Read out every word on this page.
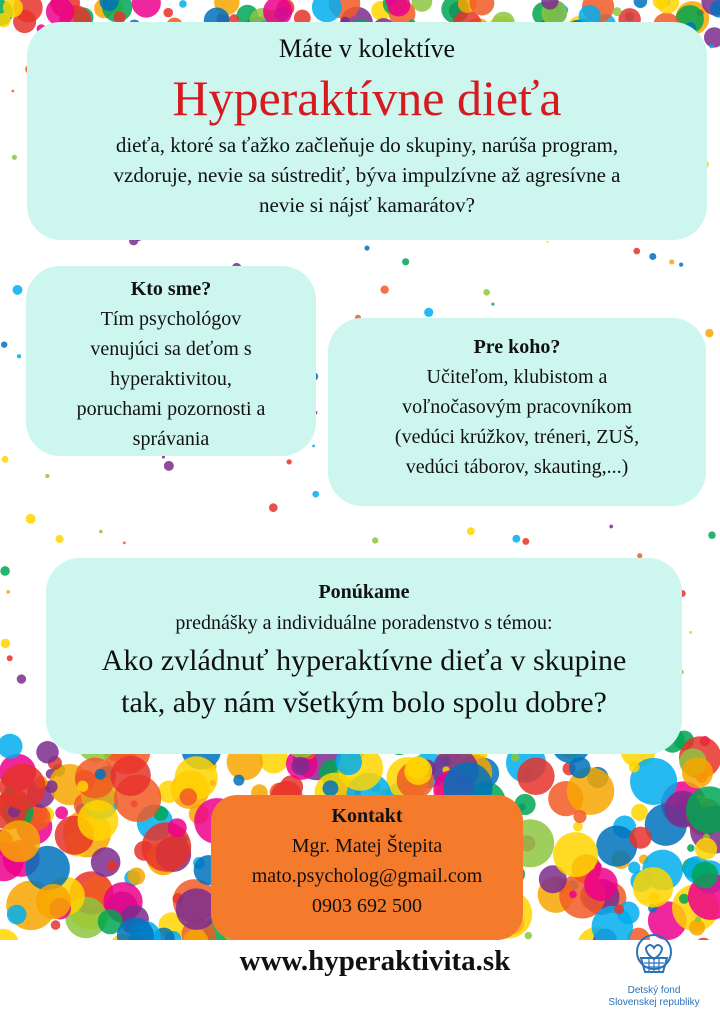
Máte v kolektíve
Hyperaktívne dieťa
dieťa, ktoré sa ťažko začleňuje do skupiny, narúša program,
vzdoruje, nevie sa sústrediť, býva impulzívne až agresívne a
nevie si nájsť kamarátov?
Kto sme?
Tím psychológov
venujúci sa deťom s
hyperaktivitou,
poruchami pozornosti a
správania
Pre koho?
Učiteľom, klubistom a
voľnočasovým pracovníkom
(vedúci krúžkov, tréneri, ZUŠ,
vedúci táborov, skauting,...)
Ponúkame
prednášky a individuálne poradenstvo s témou:
Ako zvládnuť hyperaktívne dieťa v skupine
tak, aby nám všetkým bolo spolu dobre?
Kontakt
Mgr. Matej Štepita
mato.psycholog@gmail.com
0903 692 500
www.hyperaktivita.sk
Detský fond
Slovenskej republiky
